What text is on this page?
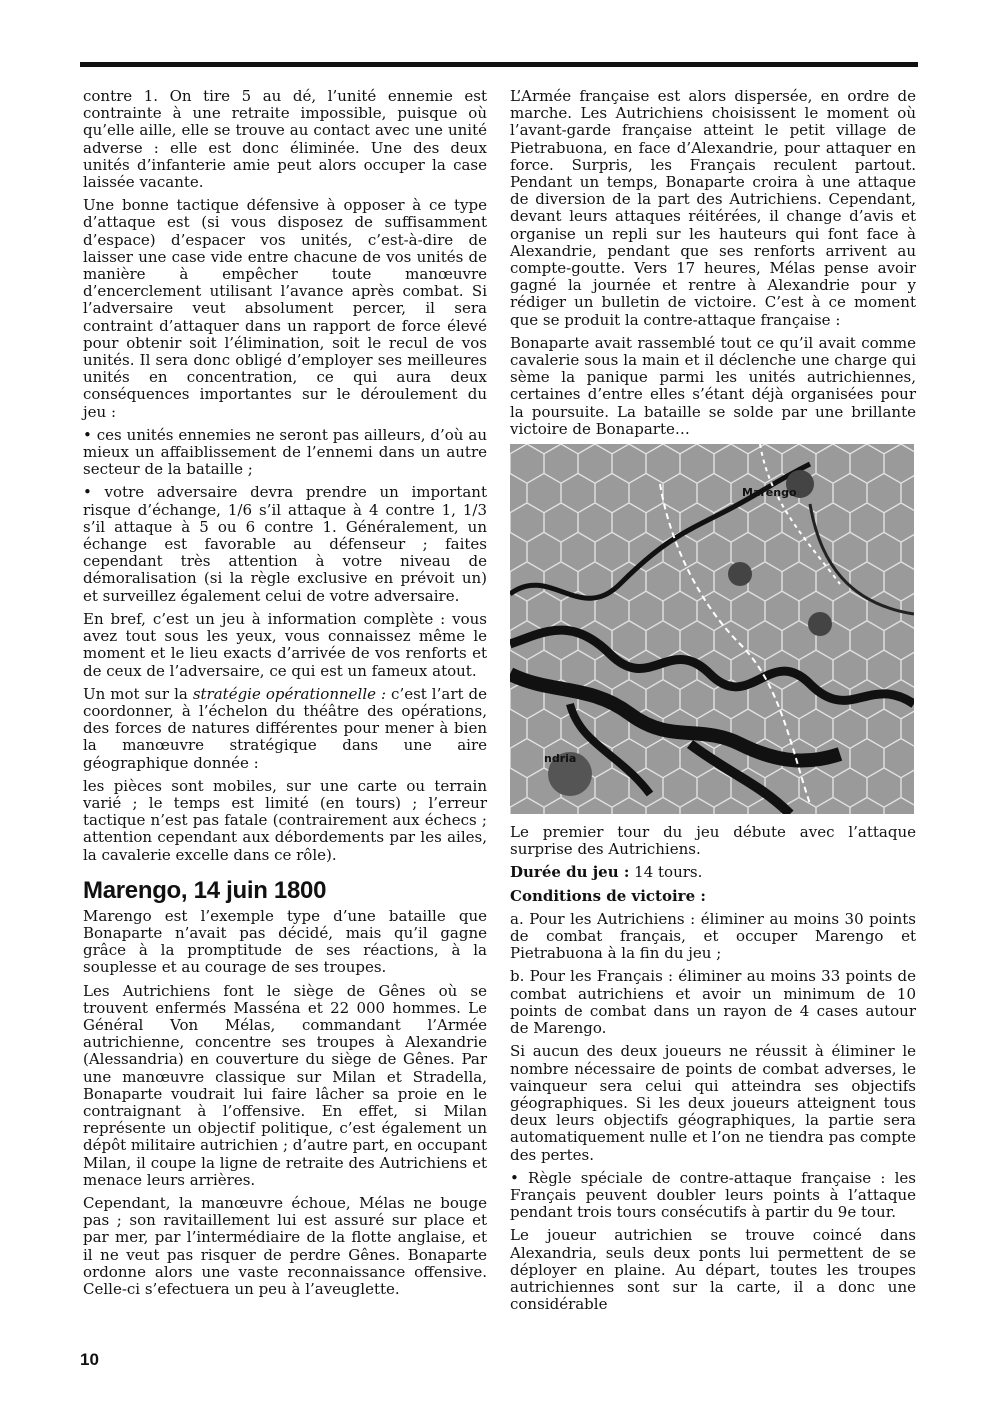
contre 1. On tire 5 au dé, l’unité ennemie est contrainte à une retraite impossible, puisque où qu’elle aille, elle se trouve au contact avec une unité adverse : elle est donc éliminée. Une des deux unités d’infanterie amie peut alors occuper la case laissée vacante.

Une bonne tactique défensive à opposer à ce type d’attaque est (si vous disposez de suffisamment d’espace) d’espacer vos unités, c’est-à-dire de laisser une case vide entre chacune de vos unités de manière à empêcher toute manœuvre d’encerclement utilisant l’avance après combat. Si l’adversaire veut absolument percer, il sera contraint d’attaquer dans un rapport de force élevé pour obtenir soit l’élimination, soit le recul de vos unités. Il sera donc obligé d’employer ses meilleures unités en concentration, ce qui aura deux conséquences importantes sur le déroulement du jeu :

• ces unités ennemies ne seront pas ailleurs, d’où au mieux un affaiblissement de l’ennemi dans un autre secteur de la bataille ;

• votre adversaire devra prendre un important risque d’échange, 1/6 s’il attaque à 4 contre 1, 1/3 s’il attaque à 5 ou 6 contre 1. Généralement, un échange est favorable au défenseur ; faites cependant très attention à votre niveau de démoralisation (si la règle exclusive en prévoit un) et surveillez également celui de votre adversaire.

En bref, c’est un jeu à information complète : vous avez tout sous les yeux, vous connaissez même le moment et le lieu exacts d’arrivée de vos renforts et de ceux de l’adversaire, ce qui est un fameux atout.

Un mot sur la stratégie opérationnelle : c’est l’art de coordonner, à l’échelon du théâtre des opérations, des forces de natures différentes pour mener à bien la manœuvre stratégique dans une aire géographique donnée :

les pièces sont mobiles, sur une carte ou terrain varié ; le temps est limité (en tours) ; l’erreur tactique n’est pas fatale (contrairement aux échecs ; attention cependant aux débordements par les ailes, la cavalerie excelle dans ce rôle).

Marengo, 14 juin 1800

Marengo est l’exemple type d’une bataille que Bonaparte n’avait pas décidé, mais qu’il gagne grâce à la promptitude de ses réactions, à la souplesse et au courage de ses troupes.

Les Autrichiens font le siège de Gênes où se trouvent enfermés Masséna et 22 000 hommes. Le Général Von Mélas, commandant l’Armée autrichienne, concentre ses troupes à Alexandrie (Alessandria) en couverture du siège de Gênes. Par une manœuvre classique sur Milan et Stradella, Bonaparte voudrait lui faire lâcher sa proie en le contraignant à l’offensive. En effet, si Milan représente un objectif politique, c’est également un dépôt militaire autrichien ; d’autre part, en occupant Milan, il coupe la ligne de retraite des Autrichiens et menace leurs arrières.

Cependant, la manœuvre échoue, Mélas ne bouge pas ; son ravitaillement lui est assuré sur place et par mer, par l’intermédiaire de la flotte anglaise, et il ne veut pas risquer de perdre Gênes. Bonaparte ordonne alors une vaste reconnaissance offensive. Celle-ci s’efectuera un peu à l’aveuglette.

L’Armée française est alors dispersée, en ordre de marche. Les Autrichiens choisissent le moment où l’avant-garde française atteint le petit village de Pietrabuona, en face d’Alexandrie, pour attaquer en force. Surpris, les Français reculent partout. Pendant un temps, Bonaparte croira à une attaque de diversion de la part des Autrichiens. Cependant, devant leurs attaques réitérées, il change d’avis et organise un repli sur les hauteurs qui font face à Alexandrie, pendant que ses renforts arrivent au compte-goutte. Vers 17 heures, Mélas pense avoir gagné la journée et rentre à Alexandrie pour y rédiger un bulletin de victoire. C’est à ce moment que se produit la contre-attaque française :

Bonaparte avait rassemblé tout ce qu’il avait comme cavalerie sous la main et il déclenche une charge qui sème la panique parmi les unités autrichiennes, certaines d’entre elles s’étant déjà organisées pour la poursuite. La bataille se solde par une brillante victoire de Bonaparte…

Marengo
ndria

Le premier tour du jeu débute avec l’attaque surprise des Autrichiens.

Durée du jeu : 14 tours.

Conditions de victoire :

a. Pour les Autrichiens : éliminer au moins 30 points de combat français, et occuper Marengo et Pietrabuona à la fin du jeu ;

b. Pour les Français : éliminer au moins 33 points de combat autrichiens et avoir un minimum de 10 points de combat dans un rayon de 4 cases autour de Marengo.

Si aucun des deux joueurs ne réussit à éliminer le nombre nécessaire de points de combat adverses, le vainqueur sera celui qui atteindra ses objectifs géographiques. Si les deux joueurs atteignent tous deux leurs objectifs géographiques, la partie sera automatiquement nulle et l’on ne tiendra pas compte des pertes.

• Règle spéciale de contre-attaque française : les Français peuvent doubler leurs points à l’attaque pendant trois tours consécutifs à partir du 9e tour.

Le joueur autrichien se trouve coincé dans Alexandria, seuls deux ponts lui permettent de se déployer en plaine. Au départ, toutes les troupes autrichiennes sont sur la carte, il a donc une considérable

10
